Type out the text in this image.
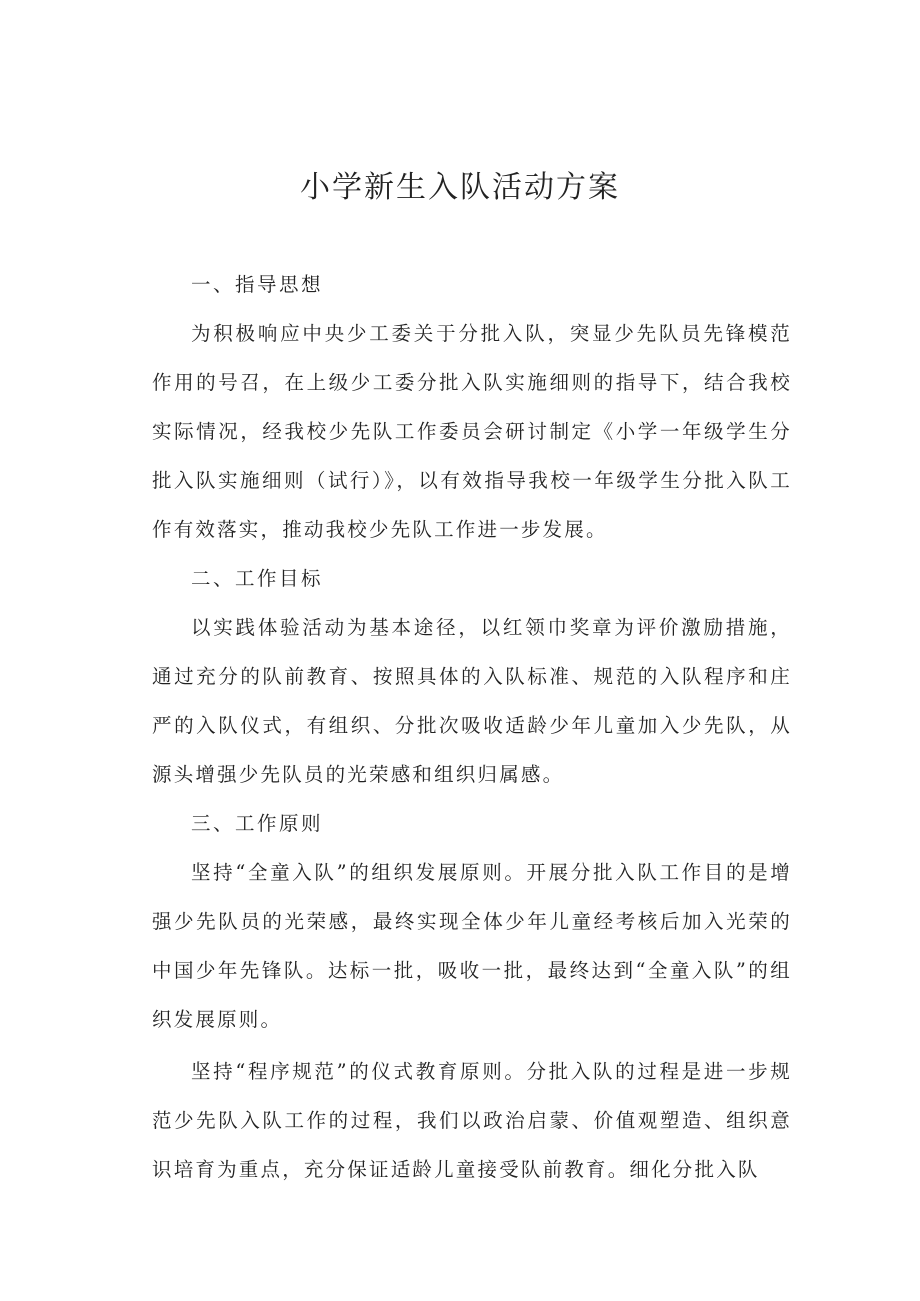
小学新生入队活动方案

一、指导思想

为积极响应中央少工委关于分批入队，突显少先队员先锋模范作用的号召，在上级少工委分批入队实施细则的指导下，结合我校实际情况，经我校少先队工作委员会研讨制定《小学一年级学生分批入队实施细则（试行）》，以有效指导我校一年级学生分批入队工作有效落实，推动我校少先队工作进一步发展。

二、工作目标

以实践体验活动为基本途径，以红领巾奖章为评价激励措施，通过充分的队前教育、按照具体的入队标准、规范的入队程序和庄严的入队仪式，有组织、分批次吸收适龄少年儿童加入少先队，从源头增强少先队员的光荣感和组织归属感。

三、工作原则

坚持“全童入队”的组织发展原则。开展分批入队工作目的是增强少先队员的光荣感，最终实现全体少年儿童经考核后加入光荣的中国少年先锋队。达标一批，吸收一批，最终达到“全童入队”的组织发展原则。

坚持“程序规范”的仪式教育原则。分批入队的过程是进一步规范少先队入队工作的过程，我们以政治启蒙、价值观塑造、组织意识培育为重点，充分保证适龄儿童接受队前教育。细化分批入队
